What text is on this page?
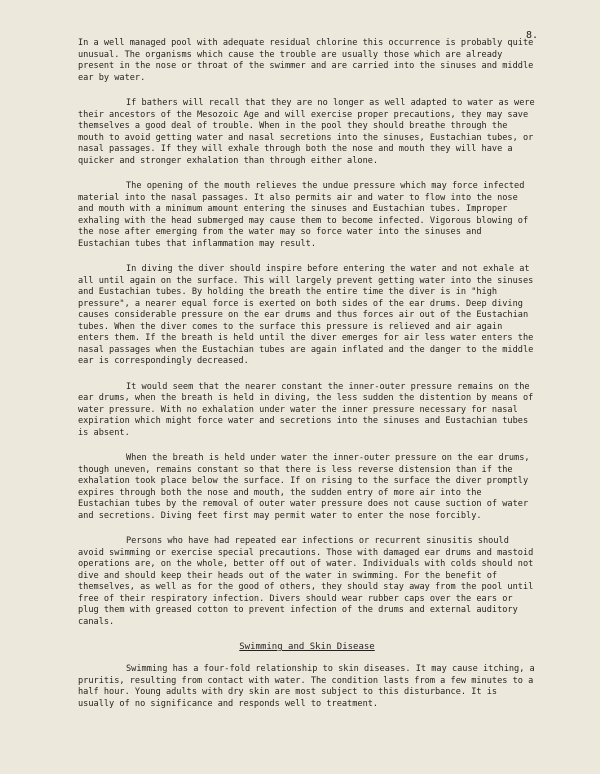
8.

In a well managed pool with adequate residual chlorine this occurrence is probably quite unusual. The organisms which cause the trouble are usually those which are already present in the nose or throat of the swimmer and are carried into the sinuses and middle ear by water.

If bathers will recall that they are no longer as well adapted to water as were their ancestors of the Mesozoic Age and will exercise proper precautions, they may save themselves a good deal of trouble. When in the pool they should breathe through the mouth to avoid getting water and nasal secretions into the sinuses, Eustachian tubes, or nasal passages. If they will exhale through both the nose and mouth they will have a quicker and stronger exhalation than through either alone.

The opening of the mouth relieves the undue pressure which may force infected material into the nasal passages. It also permits air and water to flow into the nose and mouth with a minimum amount entering the sinuses and Eustachian tubes. Improper exhaling with the head submerged may cause them to become infected. Vigorous blowing of the nose after emerging from the water may so force water into the sinuses and Eustachian tubes that inflammation may result.

In diving the diver should inspire before entering the water and not exhale at all until again on the surface. This will largely prevent getting water into the sinuses and Eustachian tubes. By holding the breath the entire time the diver is in "high pressure", a nearer equal force is exerted on both sides of the ear drums. Deep diving causes considerable pressure on the ear drums and thus forces air out of the Eustachian tubes. When the diver comes to the surface this pressure is relieved and air again enters them. If the breath is held until the diver emerges for air less water enters the nasal passages when the Eustachian tubes are again inflated and the danger to the middle ear is correspondingly decreased.

It would seem that the nearer constant the inner-outer pressure remains on the ear drums, when the breath is held in diving, the less sudden the distention by means of water pressure. With no exhalation under water the inner pressure necessary for nasal expiration which might force water and secretions into the sinuses and Eustachian tubes is absent.

When the breath is held under water the inner-outer pressure on the ear drums, though uneven, remains constant so that there is less reverse distension than if the exhalation took place below the surface. If on rising to the surface the diver promptly expires through both the nose and mouth, the sudden entry of more air into the Eustachian tubes by the removal of outer water pressure does not cause suction of water and secretions. Diving feet first may permit water to enter the nose forcibly.

Persons who have had repeated ear infections or recurrent sinusitis should avoid swimming or exercise special precautions. Those with damaged ear drums and mastoid operations are, on the whole, better off out of water. Individuals with colds should not dive and should keep their heads out of the water in swimming. For the benefit of themselves, as well as for the good of others, they should stay away from the pool until free of their respiratory infection. Divers should wear rubber caps over the ears or plug them with greased cotton to prevent infection of the drums and external auditory canals.

Swimming and Skin Disease

Swimming has a four-fold relationship to skin diseases. It may cause itching, a pruritis, resulting from contact with water. The condition lasts from a few minutes to a half hour. Young adults with dry skin are most subject to this disturbance. It is usually of no significance and responds well to treatment.
